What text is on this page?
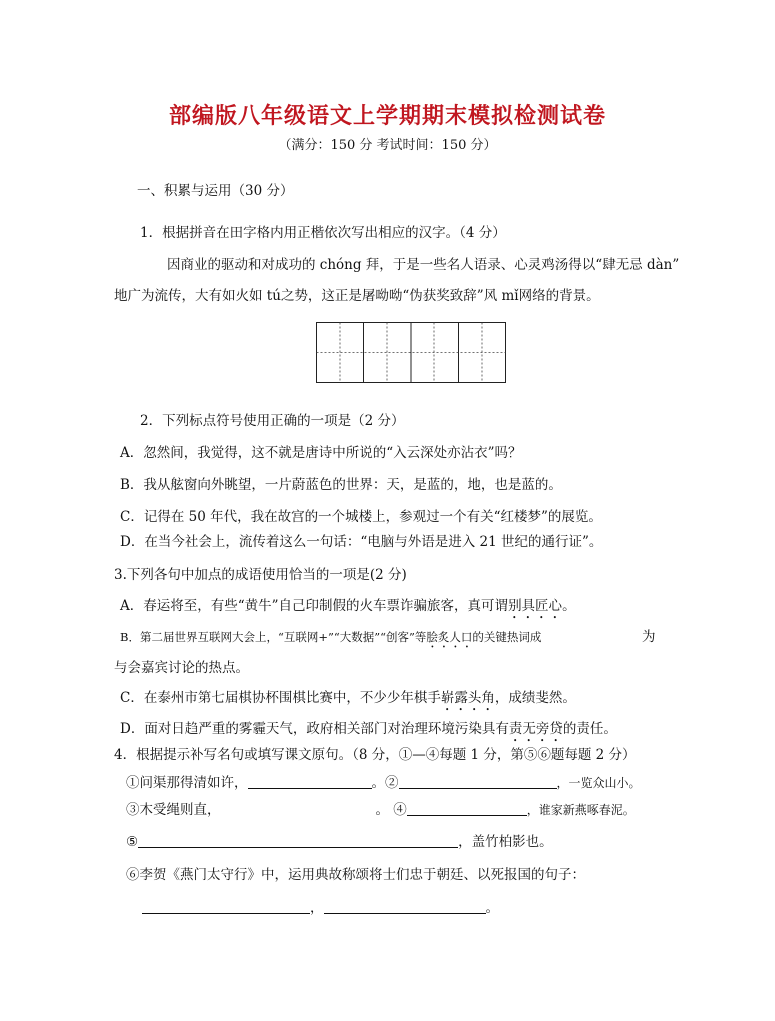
部编版八年级语文上学期期末模拟检测试卷
（满分：150 分 考试时间：150 分）
一、积累与运用（30 分）
1．根据拼音在田字格内用正楷依次写出相应的汉字。（4 分）
因商业的驱动和对成功的 chóng 拜，于是一些名人语录、心灵鸡汤得以“肆无忌 dàn”
地广为流传，大有如火如 tú之势，这正是屠呦呦“伪获奖致辞”风 mǐ网络的背景。
2．下列标点符号使用正确的一项是（2 分）
A．忽然间，我觉得，这不就是唐诗中所说的“入云深处亦沾衣”吗？
B．我从舷窗向外眺望，一片蔚蓝色的世界：天，是蓝的，地，也是蓝的。
C．记得在 50 年代，我在故宫的一个城楼上，参观过一个有关“红楼梦”的展览。
D．在当今社会上，流传着这么一句话：“电脑与外语是进入 21 世纪的通行证”。
3.下列各句中加点的成语使用恰当的一项是(2 分)
A．春运将至，有些“黄牛”自己印制假的火车票诈骗旅客，真可谓别具匠心。
B．第二届世界互联网大会上，“互联网+”“大数据”“创客”等脍炙人口的关键热词成	为
与会嘉宾讨论的热点。
C．在泰州市第七届棋协杯围棋比赛中，不少少年棋手崭露头角，成绩斐然。
D．面对日趋严重的雾霾天气，政府相关部门对治理环境污染具有责无旁贷的责任。
4．根据提示补写名句或填写课文原句。（8 分，①—④每题 1 分，第⑤⑥题每题 2 分）
①问渠那得清如许，	。②	，一览众山小。
③木受绳则直，	。 ④	，谁家新燕啄春泥。
⑤	，盖竹柏影也。
⑥李贺《燕门太守行》中，运用典故称颂将士们忠于朝廷、以死报国的句子：
，	。
